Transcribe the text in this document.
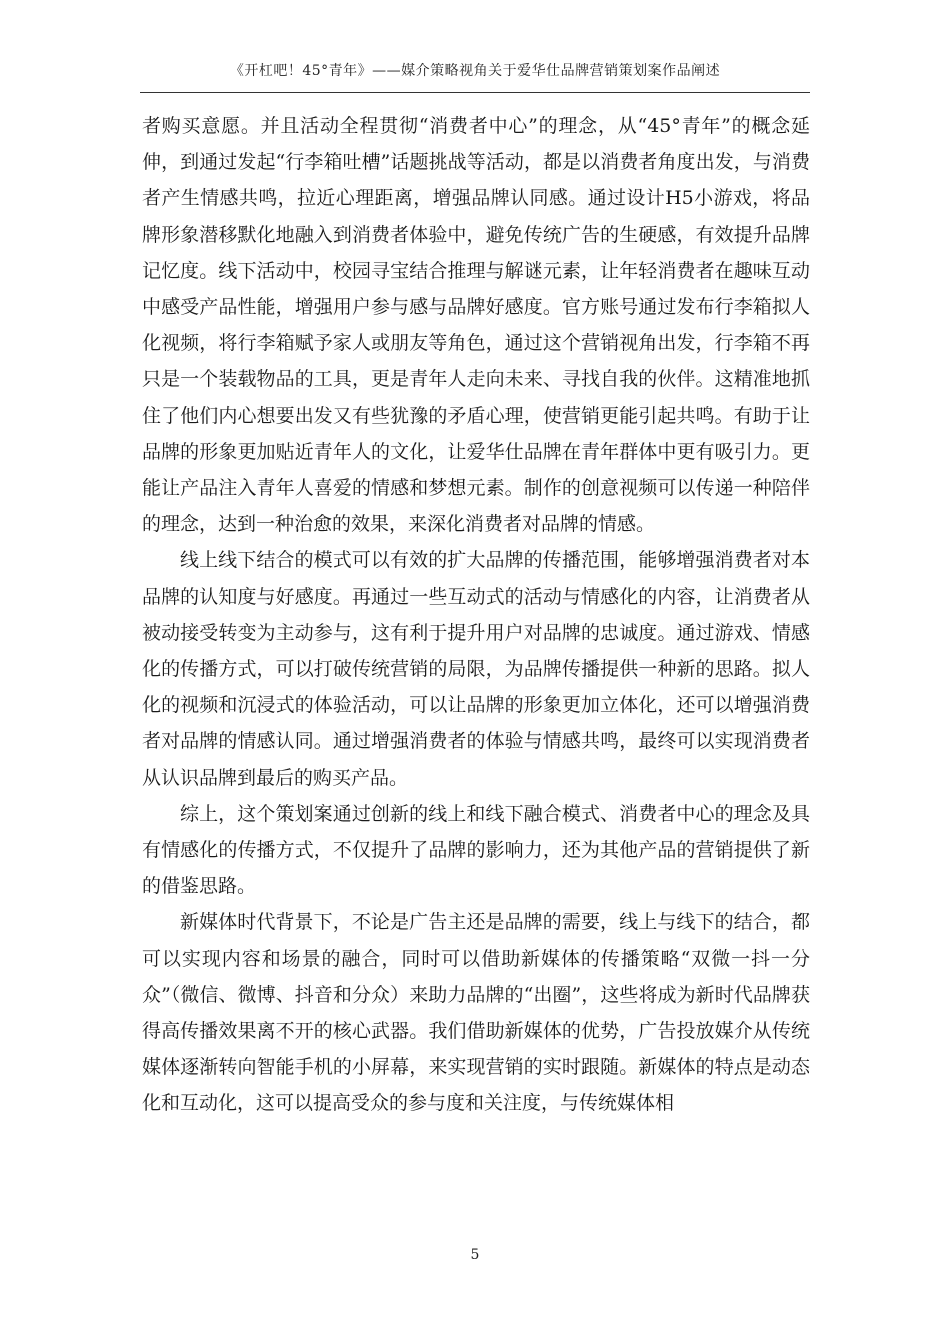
《开杠吧！45°青年》——媒介策略视角关于爱华仕品牌营销策划案作品阐述

者购买意愿。并且活动全程贯彻“消费者中心”的理念，从“45°青年”的概念延伸，到通过发起“行李箱吐槽”话题挑战等活动，都是以消费者角度出发，与消费者产生情感共鸣，拉近心理距离，增强品牌认同感。通过设计H5小游戏，将品牌形象潜移默化地融入到消费者体验中，避免传统广告的生硬感，有效提升品牌记忆度。线下活动中，校园寻宝结合推理与解谜元素，让年轻消费者在趣味互动中感受产品性能，增强用户参与感与品牌好感度。官方账号通过发布行李箱拟人化视频，将行李箱赋予家人或朋友等角色，通过这个营销视角出发，行李箱不再只是一个装载物品的工具，更是青年人走向未来、寻找自我的伙伴。这精准地抓住了他们内心想要出发又有些犹豫的矛盾心理，使营销更能引起共鸣。有助于让品牌的形象更加贴近青年人的文化，让爱华仕品牌在青年群体中更有吸引力。更能让产品注入青年人喜爱的情感和梦想元素。制作的创意视频可以传递一种陪伴的理念，达到一种治愈的效果，来深化消费者对品牌的情感。

线上线下结合的模式可以有效的扩大品牌的传播范围，能够增强消费者对本品牌的认知度与好感度。再通过一些互动式的活动与情感化的内容，让消费者从被动接受转变为主动参与，这有利于提升用户对品牌的忠诚度。通过游戏、情感化的传播方式，可以打破传统营销的局限，为品牌传播提供一种新的思路。拟人化的视频和沉浸式的体验活动，可以让品牌的形象更加立体化，还可以增强消费者对品牌的情感认同。通过增强消费者的体验与情感共鸣，最终可以实现消费者从认识品牌到最后的购买产品。

综上，这个策划案通过创新的线上和线下融合模式、消费者中心的理念及具有情感化的传播方式，不仅提升了品牌的影响力，还为其他产品的营销提供了新的借鉴思路。

新媒体时代背景下，不论是广告主还是品牌的需要，线上与线下的结合，都可以实现内容和场景的融合，同时可以借助新媒体的传播策略“双微一抖一分众”（微信、微博、抖音和分众）来助力品牌的“出圈”，这些将成为新时代品牌获得高传播效果离不开的核心武器。我们借助新媒体的优势，广告投放媒介从传统媒体逐渐转向智能手机的小屏幕，来实现营销的实时跟随。新媒体的特点是动态化和互动化，这可以提高受众的参与度和关注度，与传统媒体相

5
